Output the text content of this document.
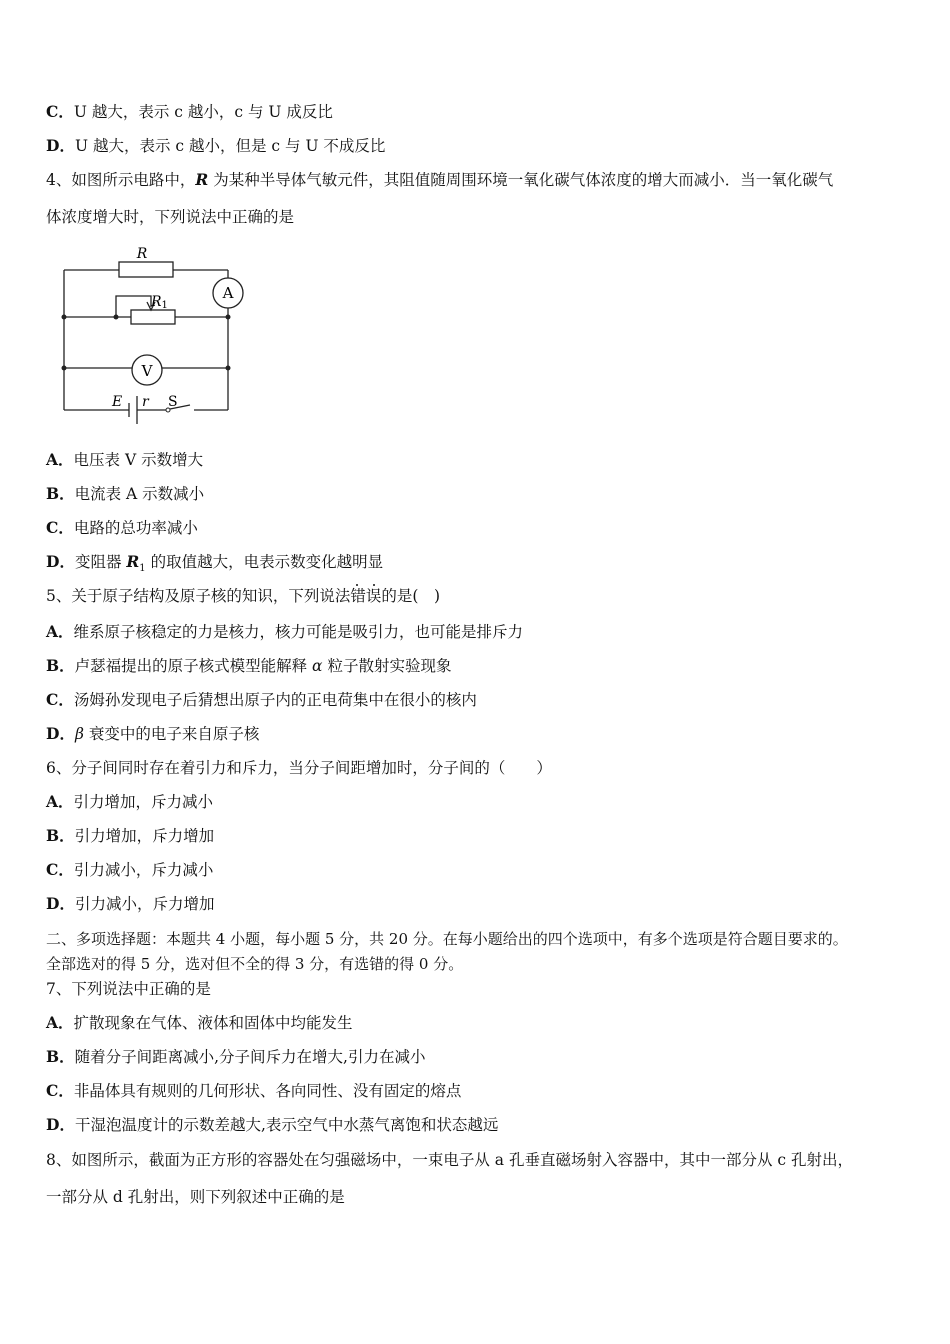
C．U 越大，表示 c 越小，c 与 U 成反比
D．U 越大，表示 c 越小，但是 c 与 U 不成反比
4、如图所示电路中，R 为某种半导体气敏元件，其阻值随周围环境一氧化碳气体浓度的增大而减小．当一氧化碳气
体浓度增大时，下列说法中正确的是
R
R1
A
V
E r S
A．电压表 V 示数增大
B．电流表 A 示数减小
C．电路的总功率减小
D．变阻器 $R_1$ 的取值越大，电表示数变化越明显
5、关于原子结构及原子核的知识，下列说法错误的是(　)
A．维系原子核稳定的力是核力，核力可能是吸引力，也可能是排斥力
B．卢瑟福提出的原子核式模型能解释 α 粒子散射实验现象
C．汤姆孙发现电子后猜想出原子内的正电荷集中在很小的核内
D．β 衰变中的电子来自原子核
6、分子间同时存在着引力和斥力，当分子间距增加时，分子间的（　　）
A．引力增加，斥力减小
B．引力增加，斥力增加
C．引力减小，斥力减小
D．引力减小，斥力增加
二、多项选择题：本题共 4 小题，每小题 5 分，共 20 分。在每小题给出的四个选项中，有多个选项是符合题目要求的。
全部选对的得 5 分，选对但不全的得 3 分，有选错的得 0 分。
7、下列说法中正确的是
A．扩散现象在气体、液体和固体中均能发生
B．随着分子间距离减小,分子间斥力在增大,引力在减小
C．非晶体具有规则的几何形状、各向同性、没有固定的熔点
D．干湿泡温度计的示数差越大,表示空气中水蒸气离饱和状态越远
8、如图所示，截面为正方形的容器处在匀强磁场中，一束电子从 a 孔垂直磁场射入容器中，其中一部分从 c 孔射出，
一部分从 d 孔射出，则下列叙述中正确的是
